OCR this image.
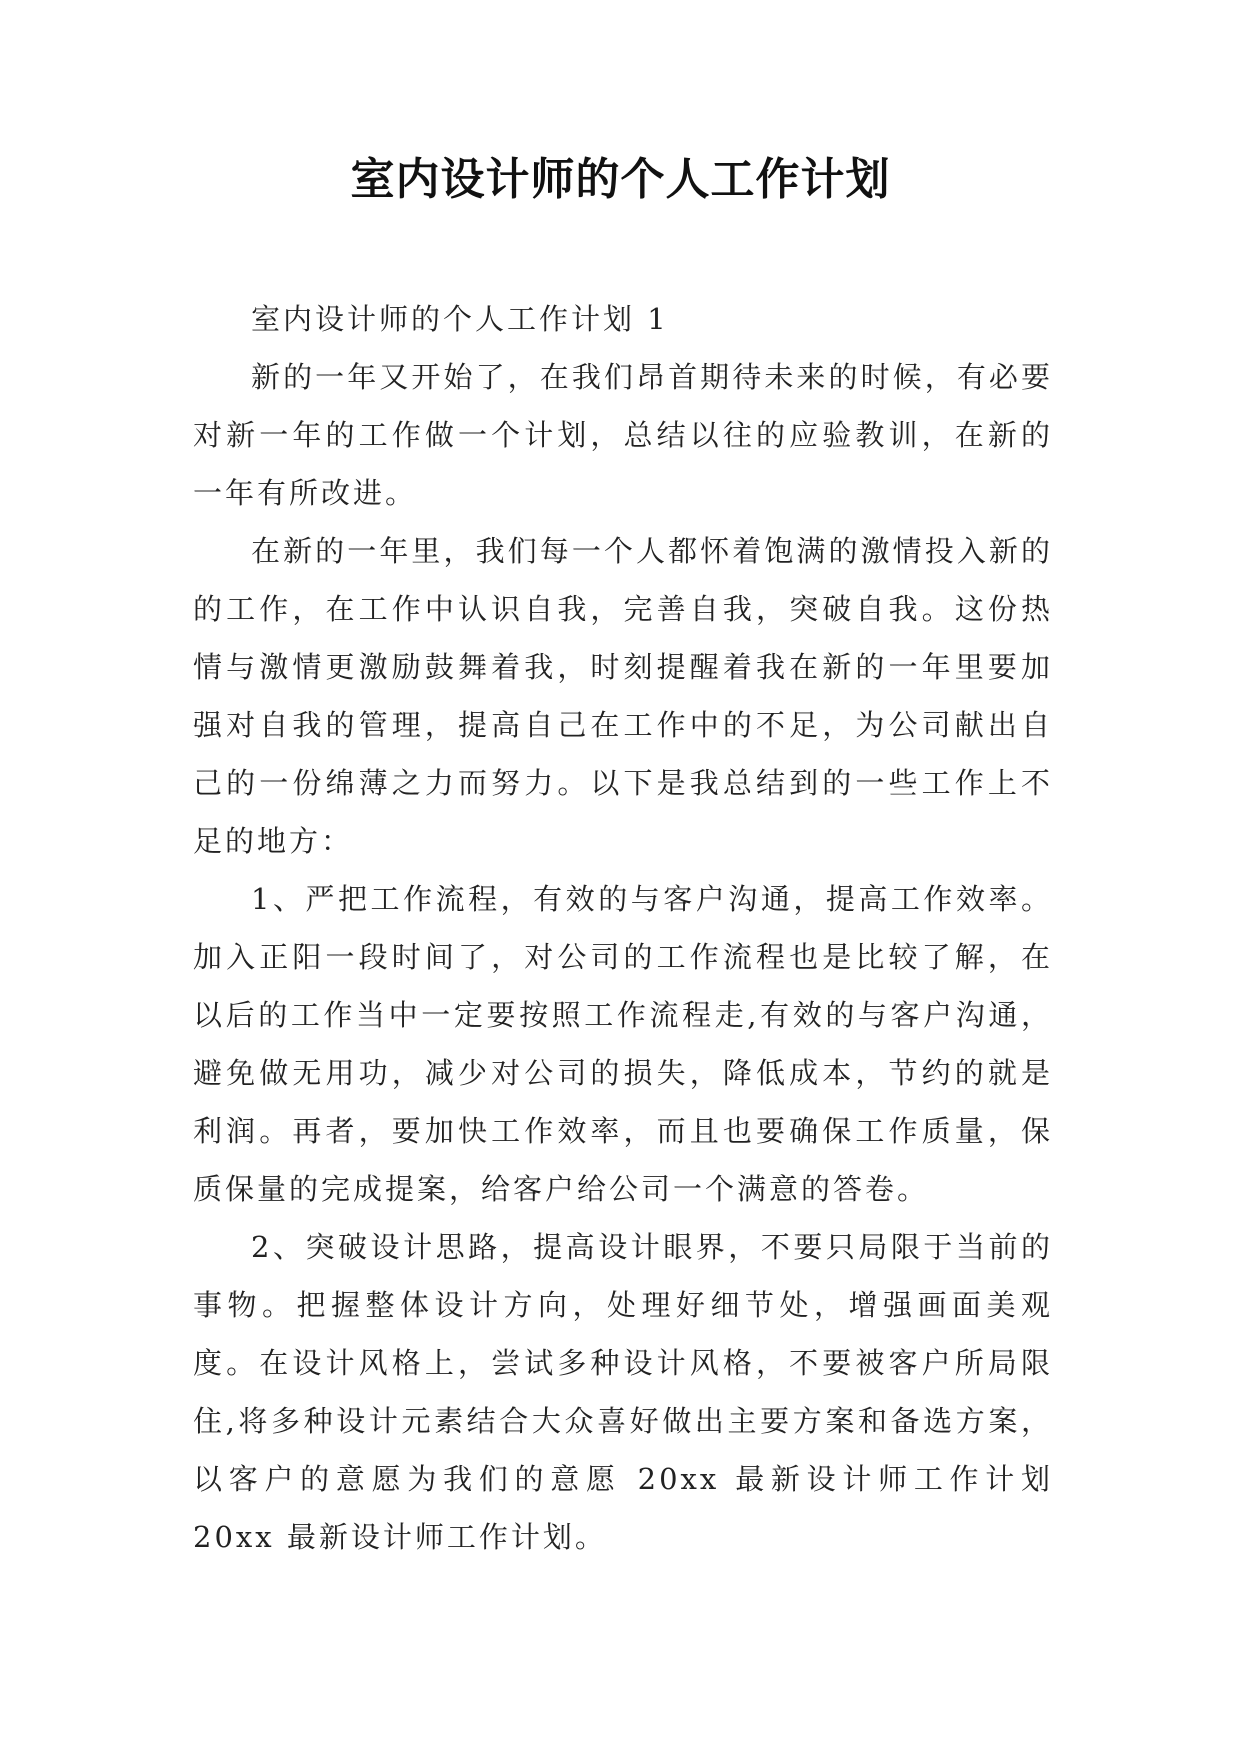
室内设计师的个人工作计划

室内设计师的个人工作计划 1

新的一年又开始了，在我们昂首期待未来的时候，有必要对新一年的工作做一个计划，总结以往的应验教训，在新的一年有所改进。

在新的一年里，我们每一个人都怀着饱满的激情投入新的的工作，在工作中认识自我，完善自我，突破自我。这份热情与激情更激励鼓舞着我，时刻提醒着我在新的一年里要加强对自我的管理，提高自己在工作中的不足，为公司献出自己的一份绵薄之力而努力。以下是我总结到的一些工作上不足的地方：

1、严把工作流程，有效的与客户沟通，提高工作效率。加入正阳一段时间了，对公司的工作流程也是比较了解，在以后的工作当中一定要按照工作流程走,有效的与客户沟通，避免做无用功，减少对公司的损失，降低成本，节约的就是利润。再者，要加快工作效率，而且也要确保工作质量，保质保量的完成提案，给客户给公司一个满意的答卷。

2、突破设计思路，提高设计眼界，不要只局限于当前的事物。把握整体设计方向，处理好细节处，增强画面美观度。在设计风格上，尝试多种设计风格，不要被客户所局限住,将多种设计元素结合大众喜好做出主要方案和备选方案，以客户的意愿为我们的意愿 20xx 最新设计师工作计划 20xx 最新设计师工作计划。
